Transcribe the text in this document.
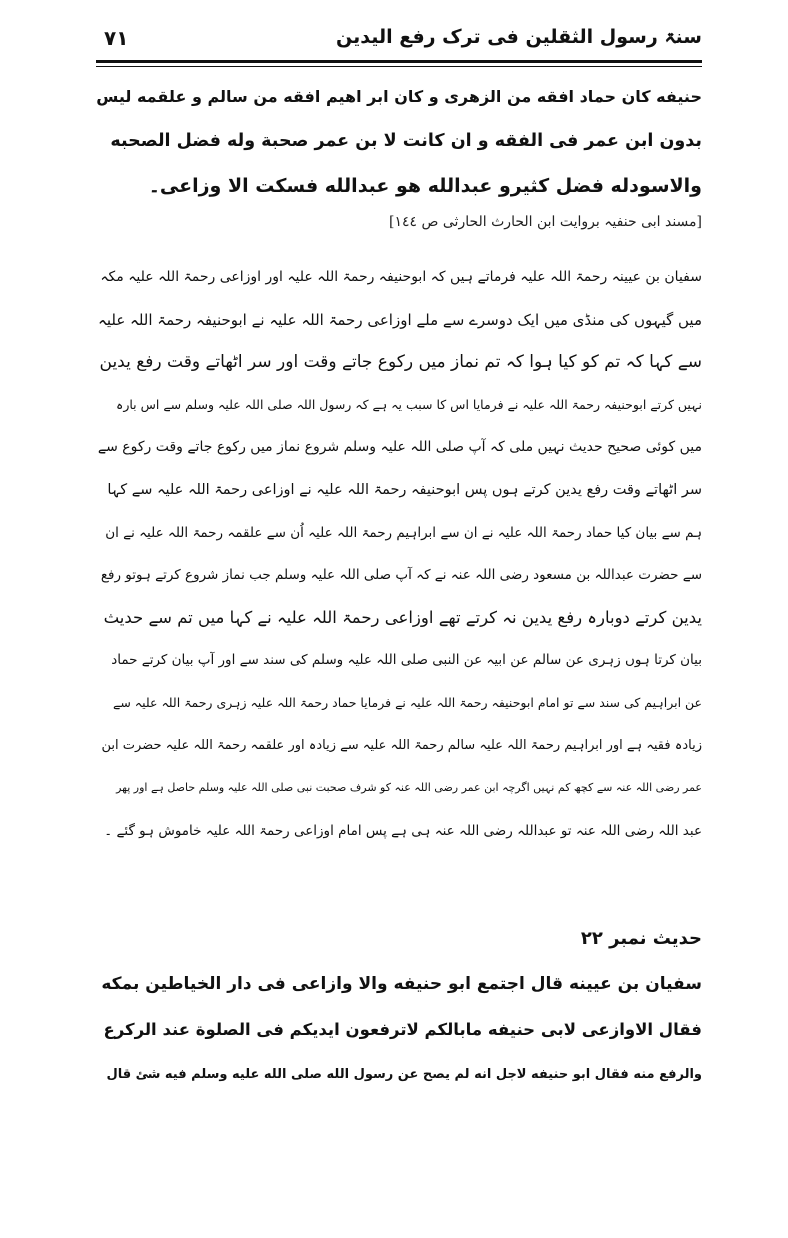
٧١	سنۃ رسول الثقلین فی ترک رفع الیدین
حنيفه كان حماد افقه من الزهرى و كان ابر اهيم افقه من سالم و علقمه ليس
بدون ابن عمر فى الفقه و ان كانت لا بن عمر صحبة وله فضل الصحبه
والاسودله فضل كثيرو عبدالله هو عبدالله فسكت الا وزاعى۔
[مسند ابی حنفیہ بروایت ابن الحارث الحارثی ص ١٤٤]
سفیان بن عیینہ رحمۃ اللہ علیہ فرماتے ہیں کہ ابوحنیفہ رحمۃ اللہ علیہ اور اوزاعی رحمۃ اللہ علیہ مکہ
میں گیہوں کی منڈی میں ایک دوسرے سے ملے اوزاعی رحمۃ اللہ علیہ نے ابوحنیفہ رحمۃ اللہ علیہ
سے کہا کہ تم کو کیا ہوا کہ تم نماز میں رکوع جاتے وقت اور سر اٹھاتے وقت رفع یدین
نہیں کرتے ابوحنیفہ رحمۃ اللہ علیہ نے فرمایا اس کا سبب یہ ہے کہ رسول اللہ صلی اللہ علیہ وسلم سے اس بارہ
میں کوئی صحیح حدیث نہیں ملی کہ آپ صلی اللہ علیہ وسلم شروع نماز میں رکوع جاتے وقت رکوع سے
سر اٹھاتے وقت رفع یدین کرتے ہوں پس ابوحنیفہ رحمۃ اللہ علیہ نے اوزاعی رحمۃ اللہ علیہ سے کہا
ہم سے بیان کیا حماد رحمۃ اللہ علیہ نے ان سے ابراہیم رحمۃ اللہ علیہ اُن سے علقمہ رحمۃ اللہ علیہ نے ان
سے حضرت عبداللہ بن مسعود رضی اللہ عنہ نے کہ آپ صلی اللہ علیہ وسلم جب نماز شروع کرتے ہوتو رفع
یدین کرتے دوبارہ رفع یدین نہ کرتے تھے اوزاعی رحمۃ اللہ علیہ نے کہا میں تم سے حدیث
بیان کرتا ہوں زہری عن سالم عن ابیہ عن النبی صلی اللہ علیہ وسلم کی سند سے اور آپ بیان کرتے حماد
عن ابراہیم کی سند سے تو امام ابوحنیفہ رحمۃ اللہ علیہ نے فرمایا حماد رحمۃ اللہ علیہ زہری رحمۃ اللہ علیہ سے
زیادہ فقیہ ہے اور ابراہیم رحمۃ اللہ علیہ سالم رحمۃ اللہ علیہ سے زیادہ اور علقمہ رحمۃ اللہ علیہ حضرت ابن
عمر رضی اللہ عنہ سے کچھ کم نہیں اگرچہ ابن عمر رضی اللہ عنہ کو شرف صحبت نبی صلی اللہ علیہ وسلم حاصل ہے اور پھر
عبد اللہ رضی اللہ عنہ تو عبداللہ رضی اللہ عنہ ہی ہے پس امام اوزاعی رحمۃ اللہ علیہ خاموش ہو گئے ۔
حدیث نمبر ٢٢
سفيان بن عيينه قال اجتمع ابو حنيفه والا وازاعى فى دار الخياطين بمكه
فقال الاوازعى لابى حنيفه مابالكم لاترفعون ايديكم فى الصلوة عند الركرع
والرفع منه فقال ابو حنيفه لاجل انه لم يصح عن رسول الله صلى الله عليه وسلم فيه شئ قال
